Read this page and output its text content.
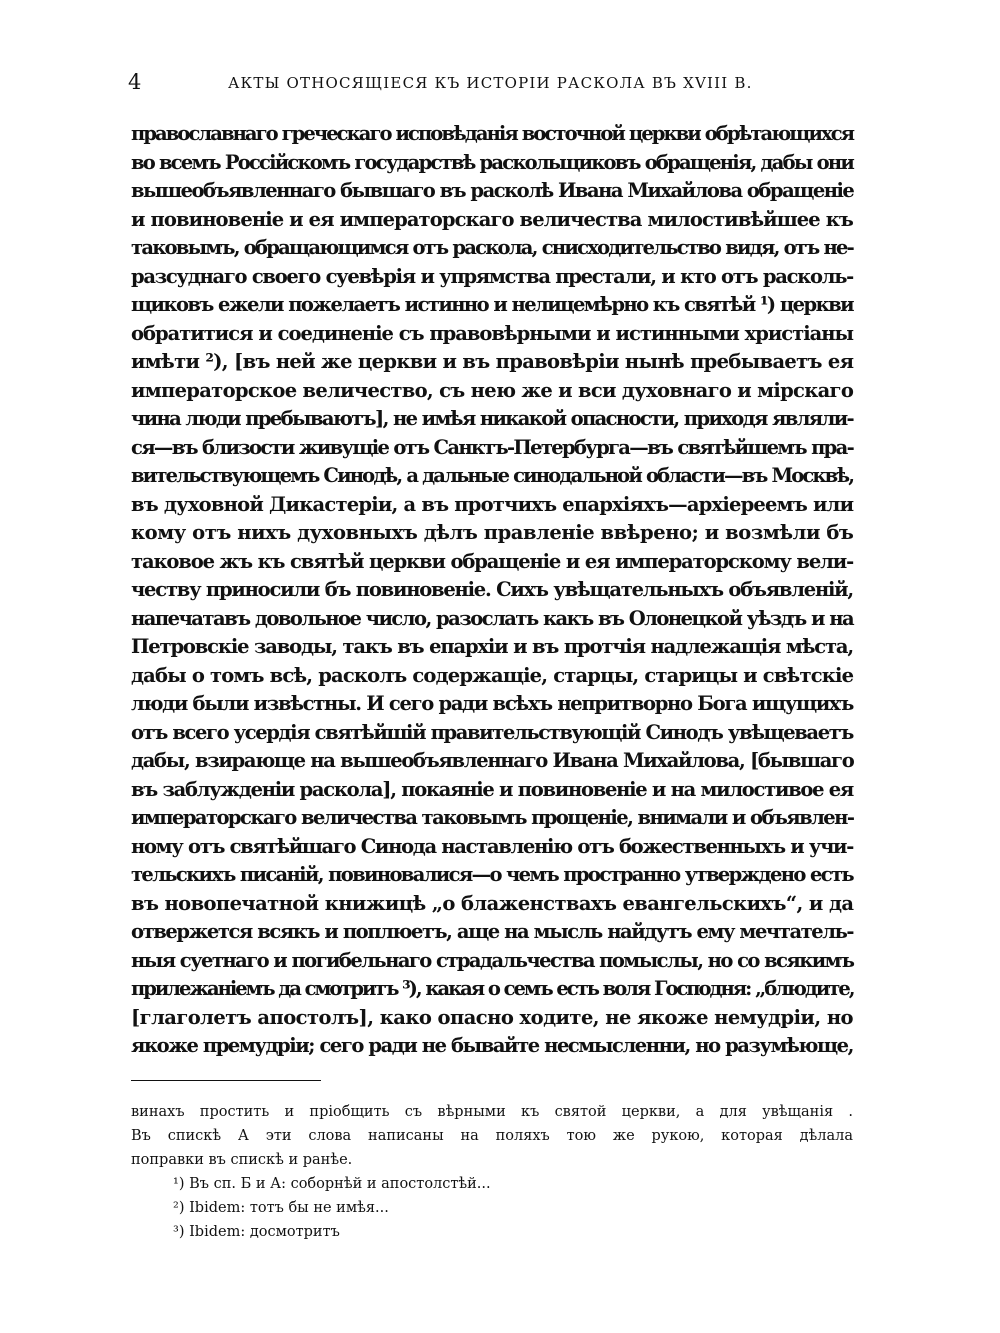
4	АКТЫ ОТНОСЯЩІЕСЯ КЪ ИСТОРІИ РАСКОЛА ВЪ XVIII В.
православнаго греческаго исповѣданія восточной церкви обрѣтающихся
во всемъ Россійскомъ государствѣ раскольщиковъ обращенія, дабы они
вышеобъявленнаго бывшаго въ расколѣ Ивана Михайлова обращеніе
и повиновеніе и ея императорскаго величества милостивѣйшее къ
таковымъ, обращающимся отъ раскола, снисходительство видя, отъ не-
разсуднаго своего суевѣрія и упрямства престали, и кто отъ расколь-
щиковъ ежели пожелаетъ истинно и нелицемѣрно къ святѣй ¹) церкви
обратитися и соединеніе съ правовѣрными и истинными христіаны
имѣти ²), [въ ней же церкви и въ правовѣріи нынѣ пребываетъ ея
императорское величество, съ нею же и вси духовнаго и мірскаго
чина люди пребываютъ], не имѣя никакой опасности, приходя являли-
ся—въ близости живущіе отъ Санктъ-Петербурга—въ святѣйшемъ пра-
вительствующемъ Синодѣ, а дальные синодальной области—въ Москвѣ,
въ духовной Дикастеріи, а въ протчихъ епархіяхъ—архіереемъ или
кому отъ нихъ духовныхъ дѣлъ правленіе ввѣрено; и возмѣли бъ
таковое жъ къ святѣй церкви обращеніе и ея императорскому вели-
честву приносили бъ повиновеніе. Сихъ увѣщательныхъ объявленій,
напечатавъ довольное число, разослать какъ въ Олонецкой уѣздъ и на
Петровскіе заводы, такъ въ епархіи и въ протчія надлежащія мѣста,
дабы о томъ всѣ, расколъ содержащіе, старцы, старицы и свѣтскіе
люди были извѣстны. И сего ради всѣхъ непритворно Бога ищущихъ
отъ всего усердія святѣйшій правительствующій Синодъ увѣщеваетъ
дабы, взирающе на вышеобъявленнаго Ивана Михайлова, [бывшаго
въ заблужденіи раскола], покаяніе и повиновеніе и на милостивое ея
императорскаго величества таковымъ прощеніе, внимали и объявлен-
ному отъ святѣйшаго Синода наставленію отъ божественныхъ и учи-
тельскихъ писаній, повиновалися—о чемъ пространно утверждено есть
въ новопечатной книжицѣ „о блаженствахъ евангельскихъ“, и да
отвержется всякъ и поплюетъ, аще на мысль найдутъ ему мечтатель-
ныя суетнаго и погибельнаго страдальчества помыслы, но со всякимъ
прилежаніемъ да смотритъ ³), какая о семъ есть воля Господня: „блюдите,
[глаголетъ апостолъ], како опасно ходите, не якоже немудріи, но
якоже премудріи; сего ради не бывайте несмысленни, но разумѣюще,
винахъ простить и пріобщить съ вѣрными къ святой церкви, а для увѣщанія .
Въ спискѣ А эти слова написаны на поляхъ тою же рукою, которая дѣлала
поправки въ спискѣ и ранѣе.
¹) Въ сп. Б и А: соборнѣй и апостолстѣй...
²) Ibidem: тотъ бы не имѣя...
³) Ibidem: досмотритъ
